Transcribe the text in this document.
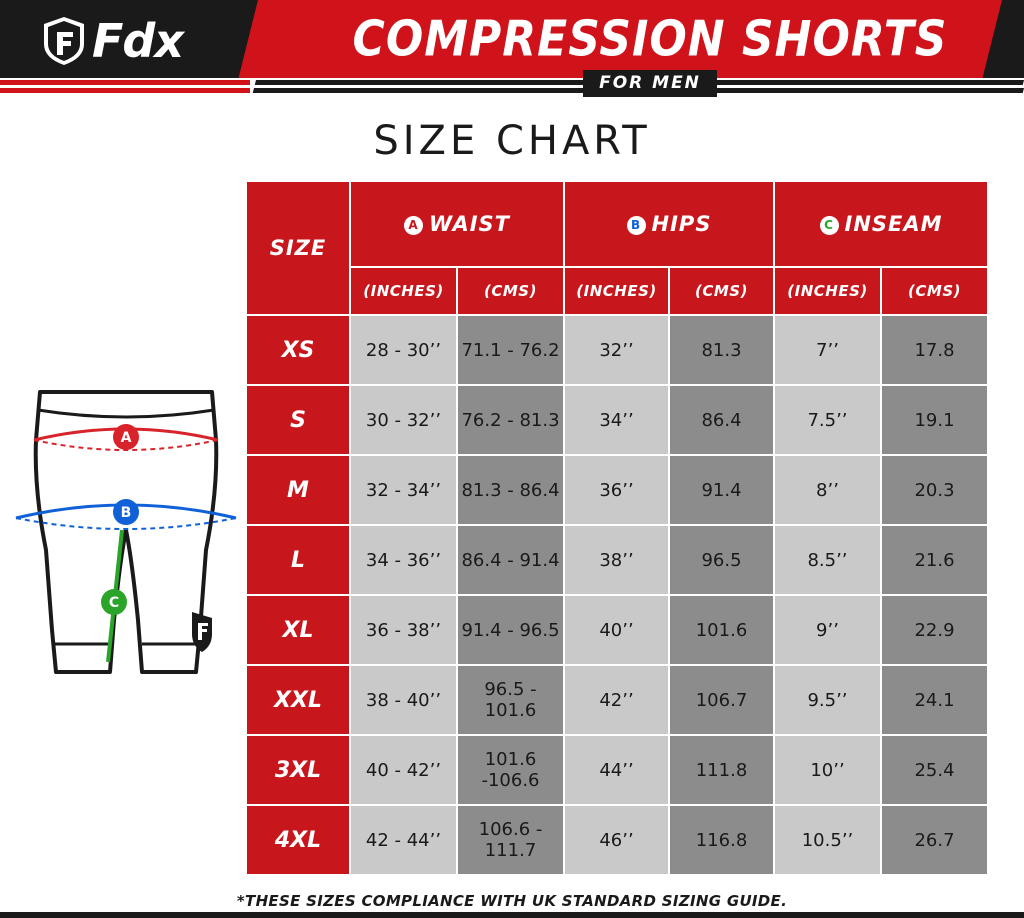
Fdx	COMPRESSION SHORTS
FOR MEN
SIZE CHART
A
B
C
SIZE	A WAIST		B HIPS		C INSEAM	
	(INCHES)	(CMS)	(INCHES)	(CMS)	(INCHES)	(CMS)
XS	28 - 30’’	71.1 - 76.2	32’’	81.3	7’’	17.8
S	30 - 32’’	76.2 - 81.3	34’’	86.4	7.5’’	19.1
M	32 - 34’’	81.3 - 86.4	36’’	91.4	8’’	20.3
L	34 - 36’’	86.4 - 91.4	38’’	96.5	8.5’’	21.6
XL	36 - 38’’	91.4 - 96.5	40’’	101.6	9’’	22.9
XXL	38 - 40’’	96.5 - 101.6	42’’	106.7	9.5’’	24.1
3XL	40 - 42’’	101.6 -106.6	44’’	111.8	10’’	25.4
4XL	42 - 44’’	106.6 - 111.7	46’’	116.8	10.5’’	26.7
*THESE SIZES COMPLIANCE WITH UK STANDARD SIZING GUIDE.
